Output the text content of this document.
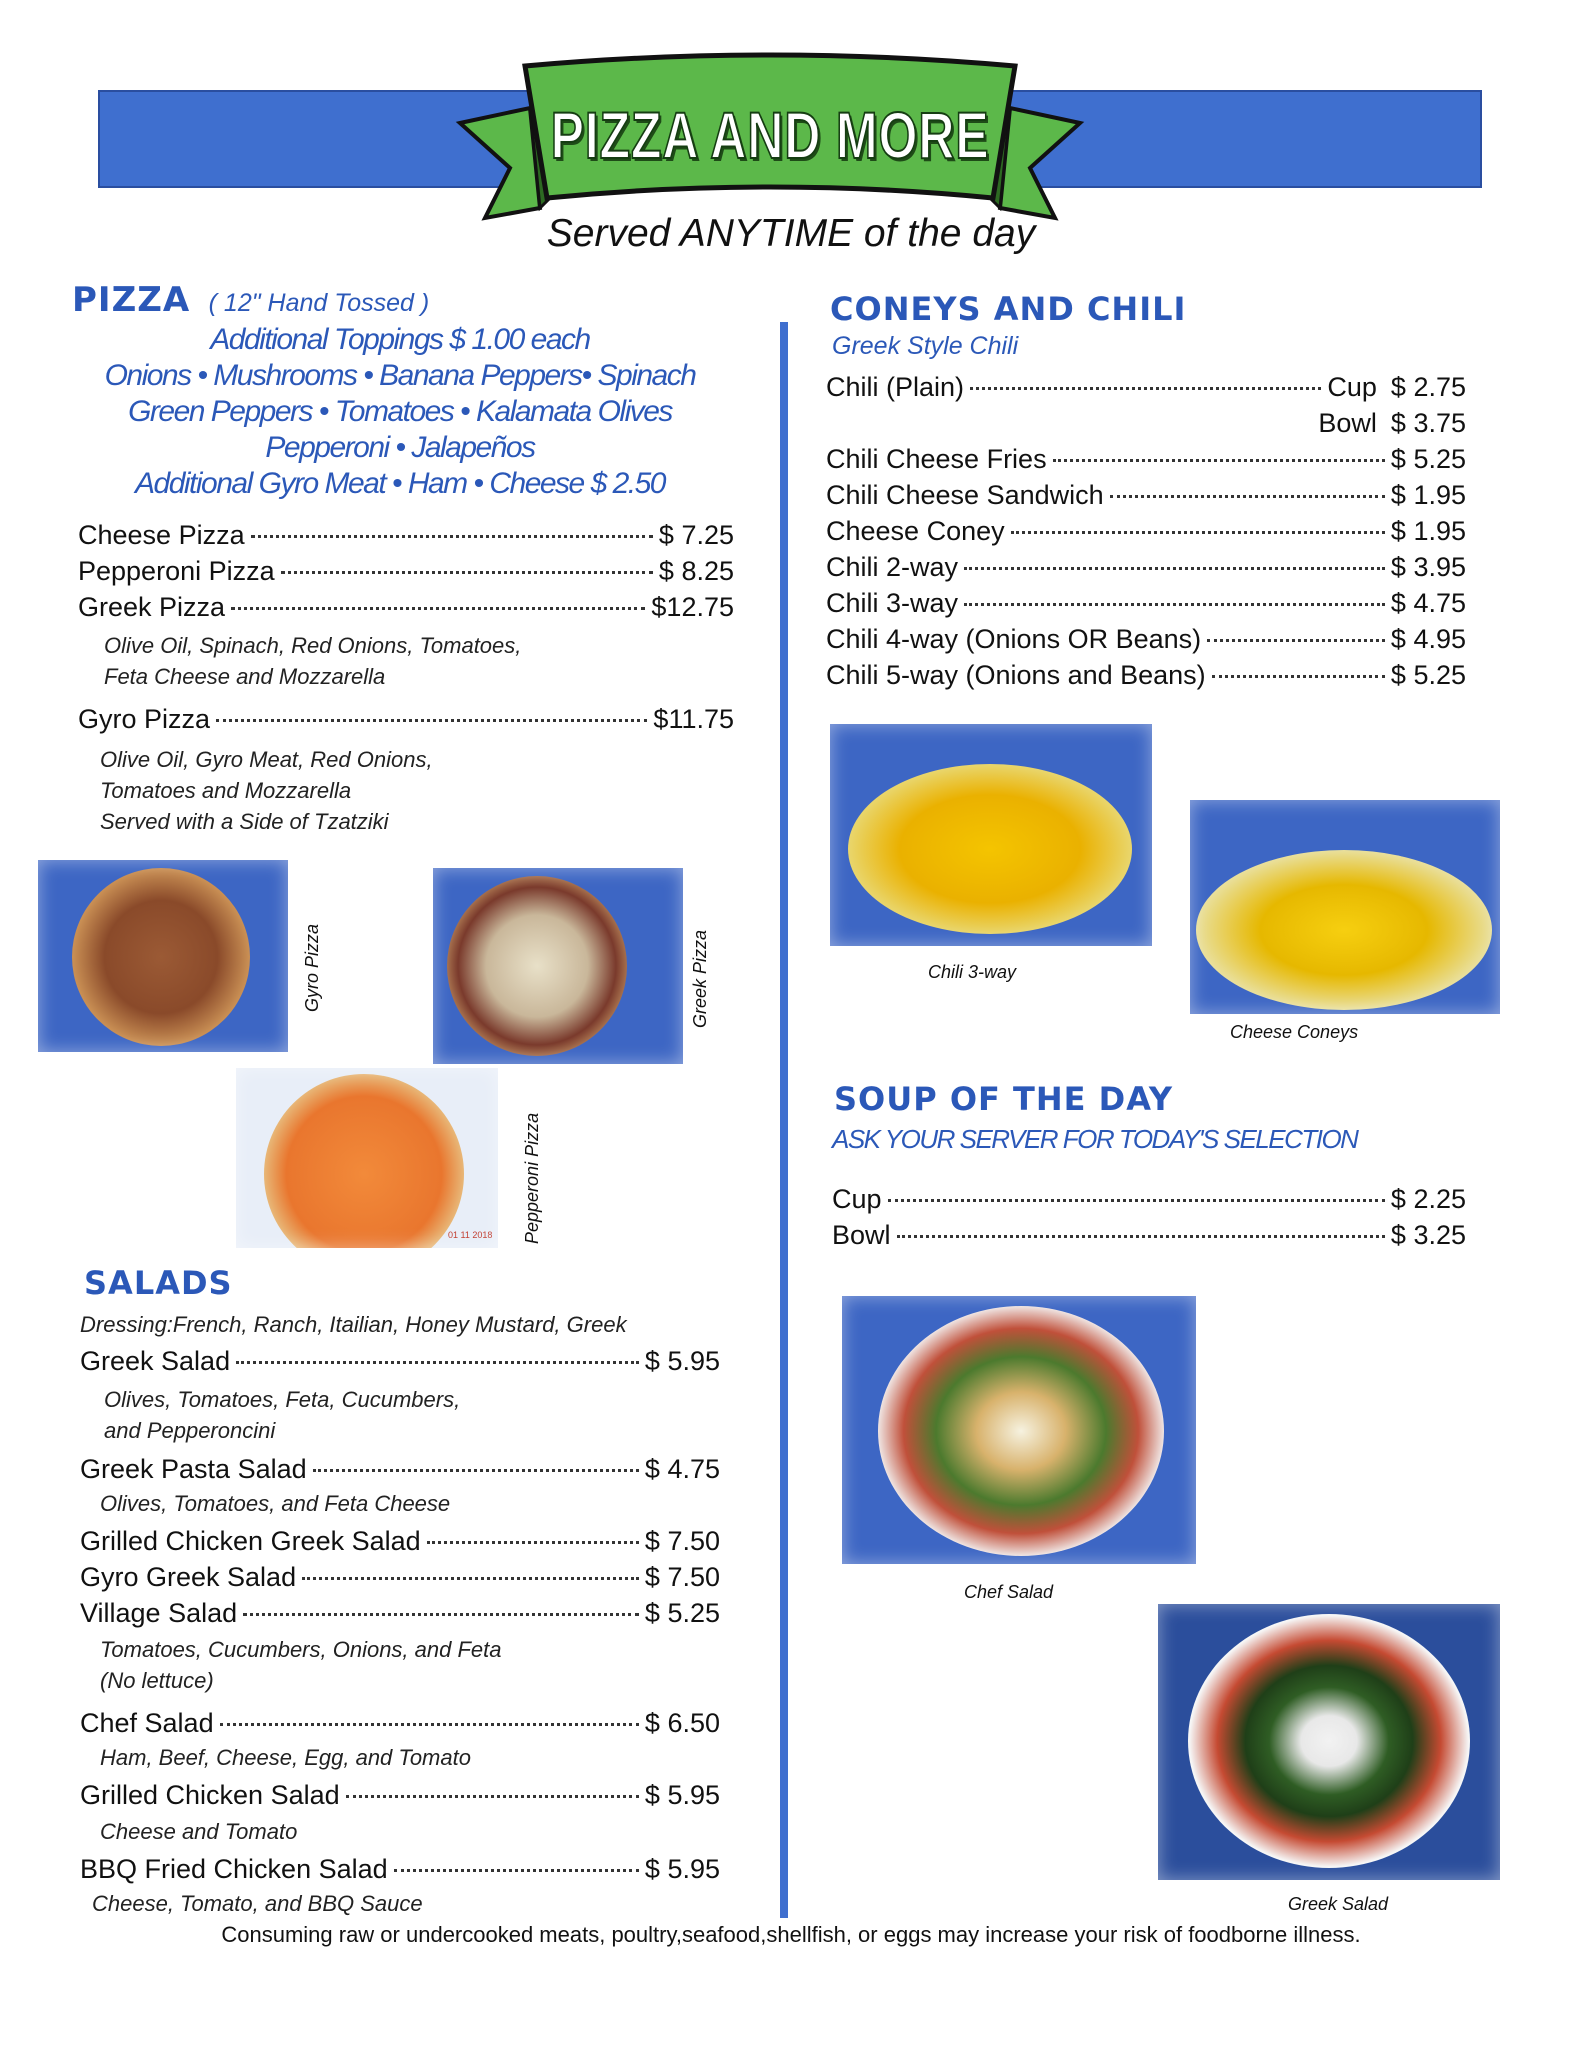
PIZZA AND MORE
Served ANYTIME of the day
PIZZA ( 12" Hand Tossed )
Additional Toppings $ 1.00 each
Onions • Mushrooms • Banana Peppers• Spinach
Green Peppers • Tomatoes • Kalamata Olives
Pepperoni • Jalapeños
Additional Gyro Meat • Ham • Cheese $ 2.50
Cheese Pizza	$ 7.25
Pepperoni Pizza	$ 8.25
Greek Pizza	$12.75
Olive Oil, Spinach, Red Onions, Tomatoes,
Feta Cheese and Mozzarella
Gyro Pizza	$11.75
Olive Oil, Gyro Meat, Red Onions,
Tomatoes and Mozzarella
Served with a Side of Tzatziki
Gyro Pizza	Greek Pizza
01 11 2018 Pepperoni Pizza
SALADS
Dressing:French, Ranch, Itailian, Honey Mustard, Greek
Greek Salad	$ 5.95
Olives, Tomatoes, Feta, Cucumbers,
and Pepperoncini
Greek Pasta Salad	$ 4.75
Olives, Tomatoes, and Feta Cheese
Grilled Chicken Greek Salad	$ 7.50
Gyro Greek Salad	$ 7.50
Village Salad	$ 5.25
Tomatoes, Cucumbers, Onions, and Feta
(No lettuce)
Chef Salad	$ 6.50
Ham, Beef, Cheese, Egg, and Tomato
Grilled Chicken Salad	$ 5.95
Cheese and Tomato
BBQ Fried Chicken Salad	$ 5.95
Cheese, Tomato, and BBQ Sauce
CONEYS AND CHILI
Greek Style Chili
Chili (Plain)	Cup $ 2.75
Bowl $ 3.75
Chili Cheese Fries	$ 5.25
Chili Cheese Sandwich	$ 1.95
Cheese Coney	$ 1.95
Chili 2-way	$ 3.95
Chili 3-way	$ 4.75
Chili 4-way (Onions OR Beans)	$ 4.95
Chili 5-way (Onions and Beans)	$ 5.25
Chili 3-way
Cheese Coneys
SOUP OF THE DAY
ASK YOUR SERVER FOR TODAY'S SELECTION
Cup	$ 2.25
Bowl	$ 3.25
Chef Salad
Greek Salad
Consuming raw or undercooked meats, poultry,seafood,shellfish, or eggs may increase your risk of foodborne illness.
